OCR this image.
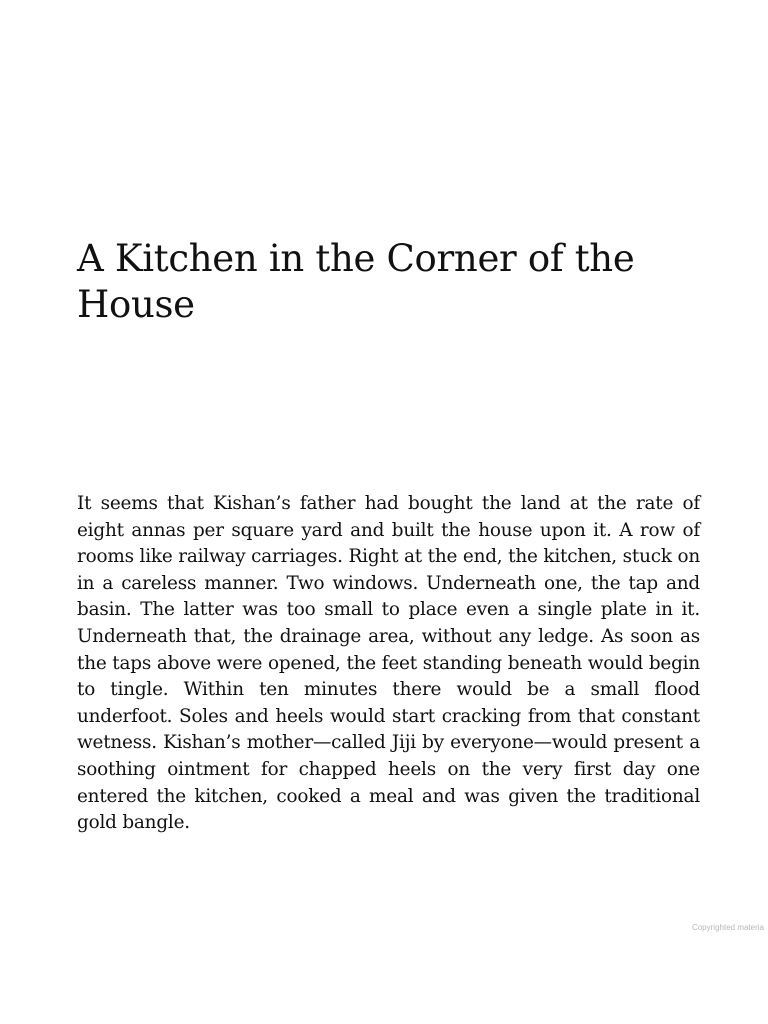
A Kitchen in the Corner of the House

It seems that Kishan’s father had bought the land at the rate of eight annas per square yard and built the house upon it. A row of rooms like railway carriages. Right at the end, the kitchen, stuck on in a careless manner. Two windows. Underneath one, the tap and basin. The latter was too small to place even a single plate in it. Underneath that, the drainage area, without any ledge. As soon as the taps above were opened, the feet standing beneath would begin to tingle. Within ten minutes there would be a small flood underfoot. Soles and heels would start cracking from that constant wetness. Kishan’s mother—called Jiji by everyone—would present a soothing ointment for chapped heels on the very first day one entered the kitchen, cooked a meal and was given the traditional gold bangle.

Copyrighted materia
